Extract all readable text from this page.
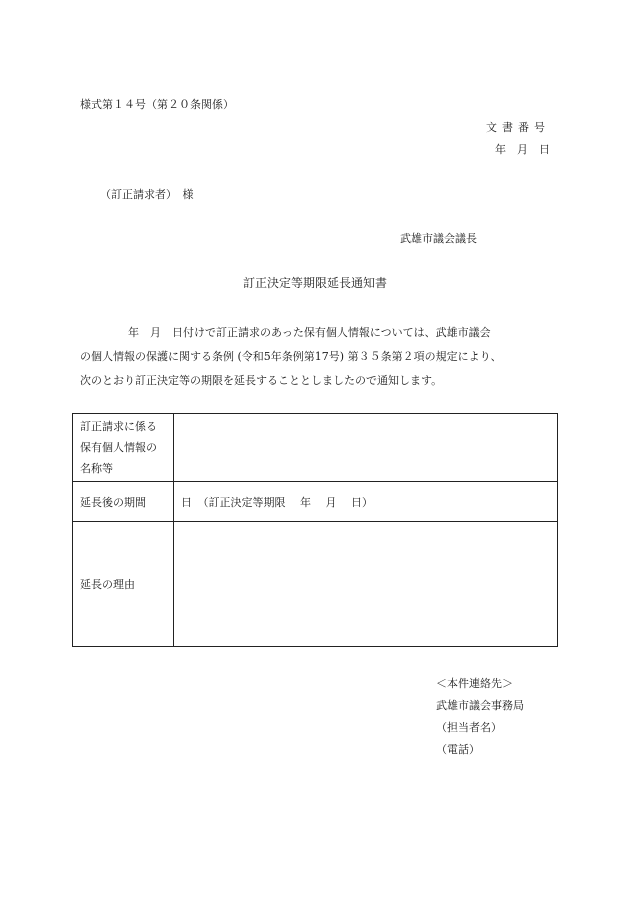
様式第１４号（第２０条関係）
文書番号
年　月　日
（訂正請求者）　様
武雄市議会議長
訂正決定等期限延長通知書
年　月　日付けで訂正請求のあった保有個人情報については、武雄市議会
の個人情報の保護に関する条例 (令和5年条例第17号) 第３５条第２項の規定により、
次のとおり訂正決定等の期限を延長することとしましたので通知します。
訂正請求に係る
保有個人情報の
名称等	

延長後の期間	日　（訂正決定等期限　 年　 月　 日）
延長の理由	
＜本件連絡先＞
武雄市議会事務局
（担当者名）
（電話）
